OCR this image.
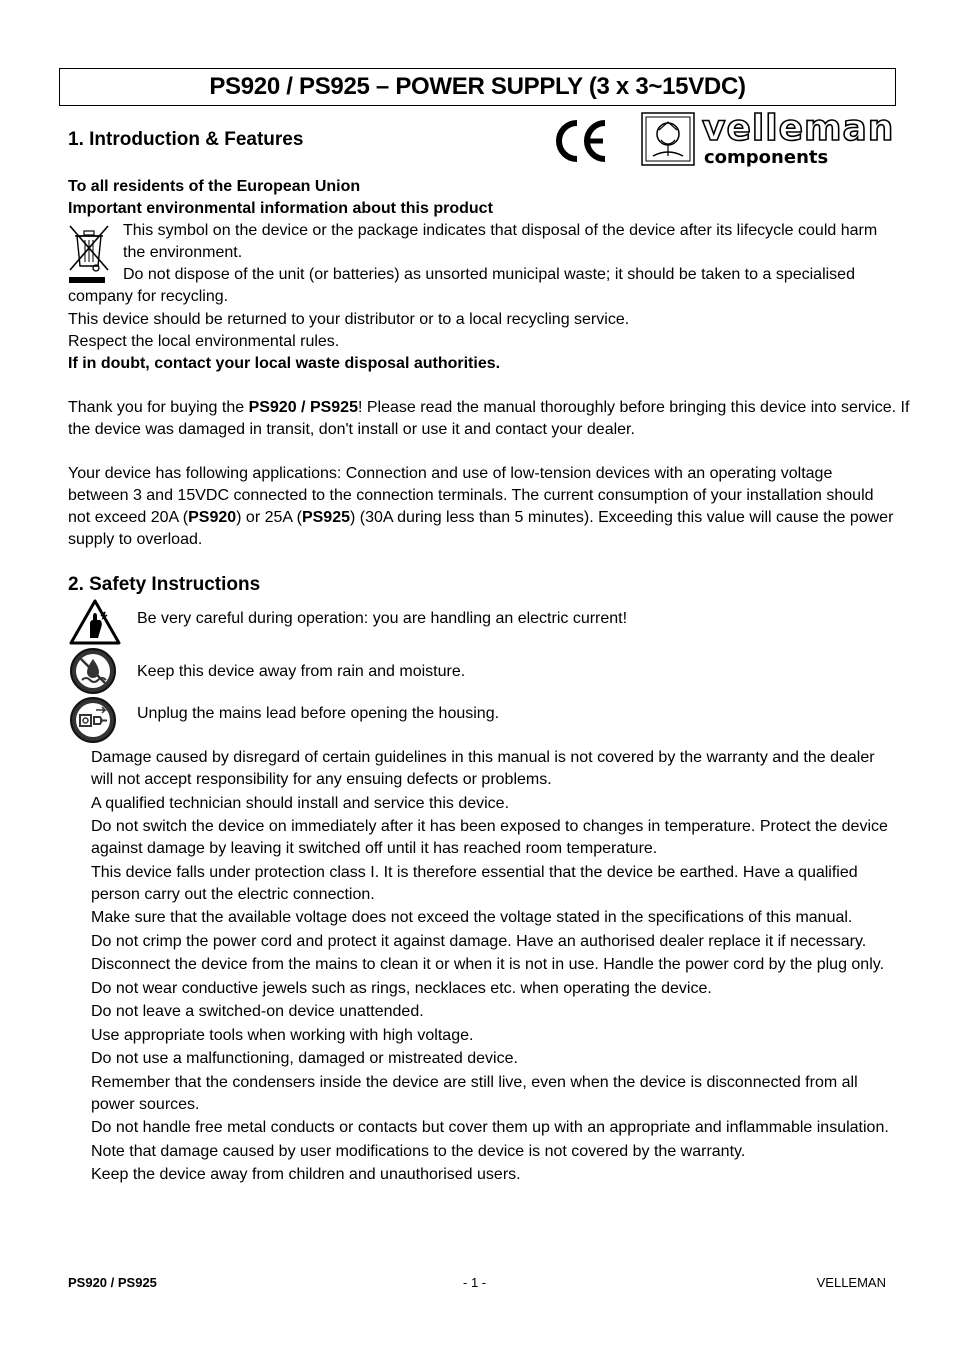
PS920 / PS925 – POWER SUPPLY (3 x 3~15VDC)
1. Introduction & Features	velleman
components
To all residents of the European Union
Important environmental information about this product
This symbol on the device or the package indicates that disposal of the device after its lifecycle could harm
the environment.
Do not dispose of the unit (or batteries) as unsorted municipal waste; it should be taken to a specialised
company for recycling.
This device should be returned to your distributor or to a local recycling service.
Respect the local environmental rules.
If in doubt, contact your local waste disposal authorities.
Thank you for buying the PS920 / PS925! Please read the manual thoroughly before bringing this device into service. If
the device was damaged in transit, don't install or use it and contact your dealer.
Your device has following applications: Connection and use of low-tension devices with an operating voltage
between 3 and 15VDC connected to the connection terminals. The current consumption of your installation should
not exceed 20A (PS920) or 25A (PS925) (30A during less than 5 minutes). Exceeding this value will cause the power
supply to overload.
2. Safety Instructions
Be very careful during operation: you are handling an electric current!
Keep this device away from rain and moisture.
Unplug the mains lead before opening the housing.

Damage caused by disregard of certain guidelines in this manual is not covered by the warranty and the dealer will not accept responsibility for any ensuing defects or problems.

A qualified technician should install and service this device.

Do not switch the device on immediately after it has been exposed to changes in temperature. Protect the device against damage by leaving it switched off until it has reached room temperature.

This device falls under protection class I. It is therefore essential that the device be earthed. Have a qualified person carry out the electric connection.

Make sure that the available voltage does not exceed the voltage stated in the specifications of this manual.

Do not crimp the power cord and protect it against damage. Have an authorised dealer replace it if necessary.

Disconnect the device from the mains to clean it or when it is not in use. Handle the power cord by the plug only.

Do not wear conductive jewels such as rings, necklaces etc. when operating the device.

Do not leave a switched-on device unattended.

Use appropriate tools when working with high voltage.

Do not use a malfunctioning, damaged or mistreated device.

Remember that the condensers inside the device are still live, even when the device is disconnected from all power sources.

Do not handle free metal conducts or contacts but cover them up with an appropriate and inflammable insulation.

Note that damage caused by user modifications to the device is not covered by the warranty.

Keep the device away from children and unauthorised users.

PS920 / PS925	- 1 -	VELLEMAN
